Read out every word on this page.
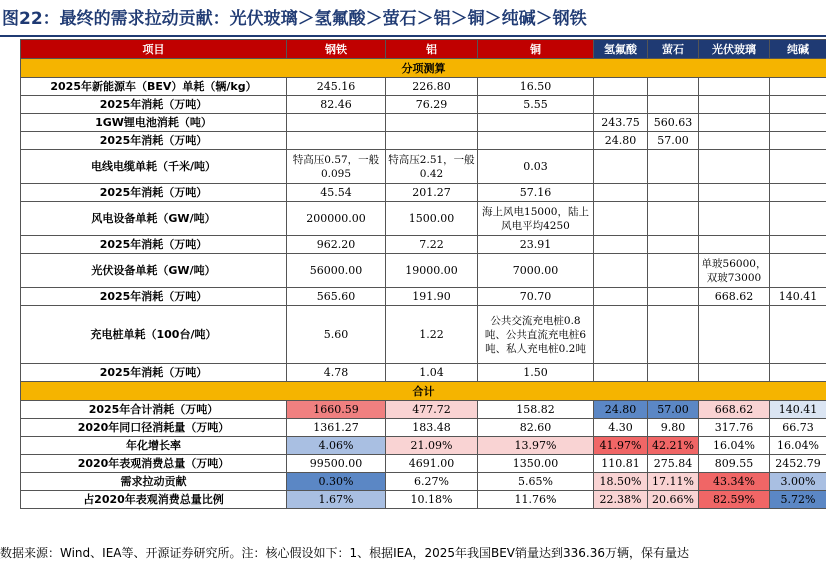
图22：最终的需求拉动贡献：光伏玻璃＞氢氟酸＞萤石＞铝＞铜＞纯碱＞钢铁
项目	钢铁	铝	铜	氢氟酸	萤石	光伏玻璃	纯碱
分项测算							
2025年新能源车（BEV）单耗（辆/kg）	245.16	226.80	16.50				
2025年消耗（万吨）	82.46	76.29	5.55				
1GW锂电池消耗（吨）				243.75	560.63		
2025年消耗（万吨）				24.80	57.00		
电线电缆单耗（千米/吨）	特高压0.57，一般0.095	特高压2.51，一般0.42	0.03				
2025年消耗（万吨）	45.54	201.27	57.16				
风电设备单耗（GW/吨）	200000.00	1500.00	海上风电15000，陆上风电平均4250				
2025年消耗（万吨）	962.20	7.22	23.91				
光伏设备单耗（GW/吨）	56000.00	19000.00	7000.00			单玻56000，双玻73000	
2025年消耗（万吨）	565.60	191.90	70.70			668.62	140.41
充电桩单耗（100台/吨）	5.60	1.22	公共交流充电桩0.8吨、公共直流充电桩6吨、私人充电桩0.2吨				
2025年消耗（万吨）	4.78	1.04	1.50				
合计							
2025年合计消耗（万吨）	1660.59	477.72	158.82	24.80	57.00	668.62	140.41
2020年同口径消耗量（万吨）	1361.27	183.48	82.60	4.30	9.80	317.76	66.73
年化增长率	4.06%	21.09%	13.97%	41.97%	42.21%	16.04%	16.04%
2020年表观消费总量（万吨）	99500.00	4691.00	1350.00	110.81	275.84	809.55	2452.79
需求拉动贡献	0.30%	6.27%	5.65%	18.50%	17.11%	43.34%	3.00%
占2020年表观消费总量比例	1.67%	10.18%	11.76%	22.38%	20.66%	82.59%	5.72%
数据来源：Wind、IEA等、开源证券研究所。注：核心假设如下：1、根据IEA，2025年我国BEV销量达到336.36万辆，保有量达
